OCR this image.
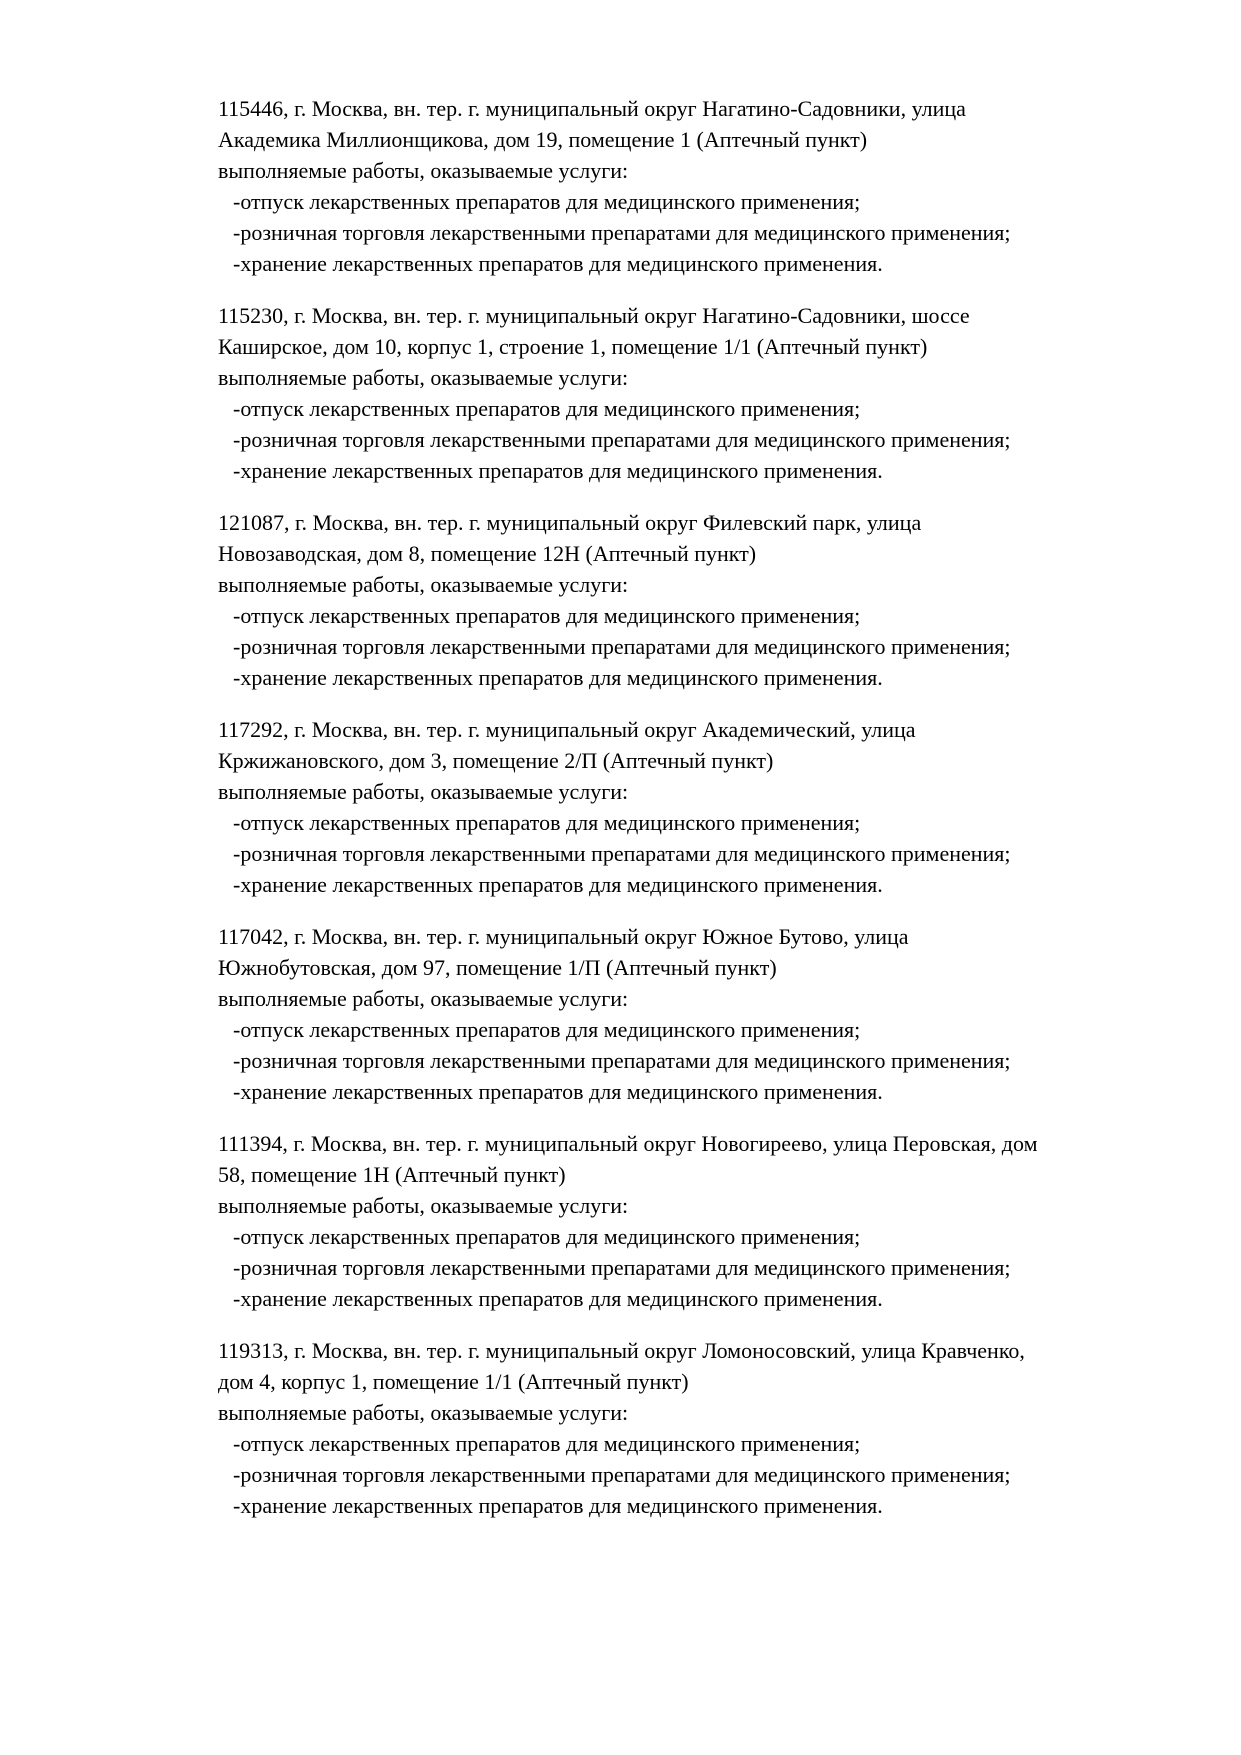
115446, г. Москва, вн. тер. г. муниципальный округ Нагатино-Садовники, улица
Академика Миллионщикова, дом 19, помещение 1 (Аптечный пункт)
выполняемые работы, оказываемые услуги:
-отпуск лекарственных препаратов для медицинского применения;
-розничная торговля лекарственными препаратами для медицинского применения;
-хранение лекарственных препаратов для медицинского применения.
115230, г. Москва, вн. тер. г. муниципальный округ Нагатино-Садовники, шоссе
Каширское, дом 10, корпус 1, строение 1, помещение 1/1 (Аптечный пункт)
выполняемые работы, оказываемые услуги:
-отпуск лекарственных препаратов для медицинского применения;
-розничная торговля лекарственными препаратами для медицинского применения;
-хранение лекарственных препаратов для медицинского применения.
121087, г. Москва, вн. тер. г. муниципальный округ Филевский парк, улица
Новозаводская, дом 8, помещение 12Н (Аптечный пункт)
выполняемые работы, оказываемые услуги:
-отпуск лекарственных препаратов для медицинского применения;
-розничная торговля лекарственными препаратами для медицинского применения;
-хранение лекарственных препаратов для медицинского применения.
117292, г. Москва, вн. тер. г. муниципальный округ Академический, улица
Кржижановского, дом 3, помещение 2/П (Аптечный пункт)
выполняемые работы, оказываемые услуги:
-отпуск лекарственных препаратов для медицинского применения;
-розничная торговля лекарственными препаратами для медицинского применения;
-хранение лекарственных препаратов для медицинского применения.
117042, г. Москва, вн. тер. г. муниципальный округ Южное Бутово, улица
Южнобутовская, дом 97, помещение 1/П (Аптечный пункт)
выполняемые работы, оказываемые услуги:
-отпуск лекарственных препаратов для медицинского применения;
-розничная торговля лекарственными препаратами для медицинского применения;
-хранение лекарственных препаратов для медицинского применения.
111394, г. Москва, вн. тер. г. муниципальный округ Новогиреево, улица Перовская, дом
58, помещение 1Н (Аптечный пункт)
выполняемые работы, оказываемые услуги:
-отпуск лекарственных препаратов для медицинского применения;
-розничная торговля лекарственными препаратами для медицинского применения;
-хранение лекарственных препаратов для медицинского применения.
119313, г. Москва, вн. тер. г. муниципальный округ Ломоносовский, улица Кравченко,
дом 4, корпус 1, помещение 1/1 (Аптечный пункт)
выполняемые работы, оказываемые услуги:
-отпуск лекарственных препаратов для медицинского применения;
-розничная торговля лекарственными препаратами для медицинского применения;
-хранение лекарственных препаратов для медицинского применения.
